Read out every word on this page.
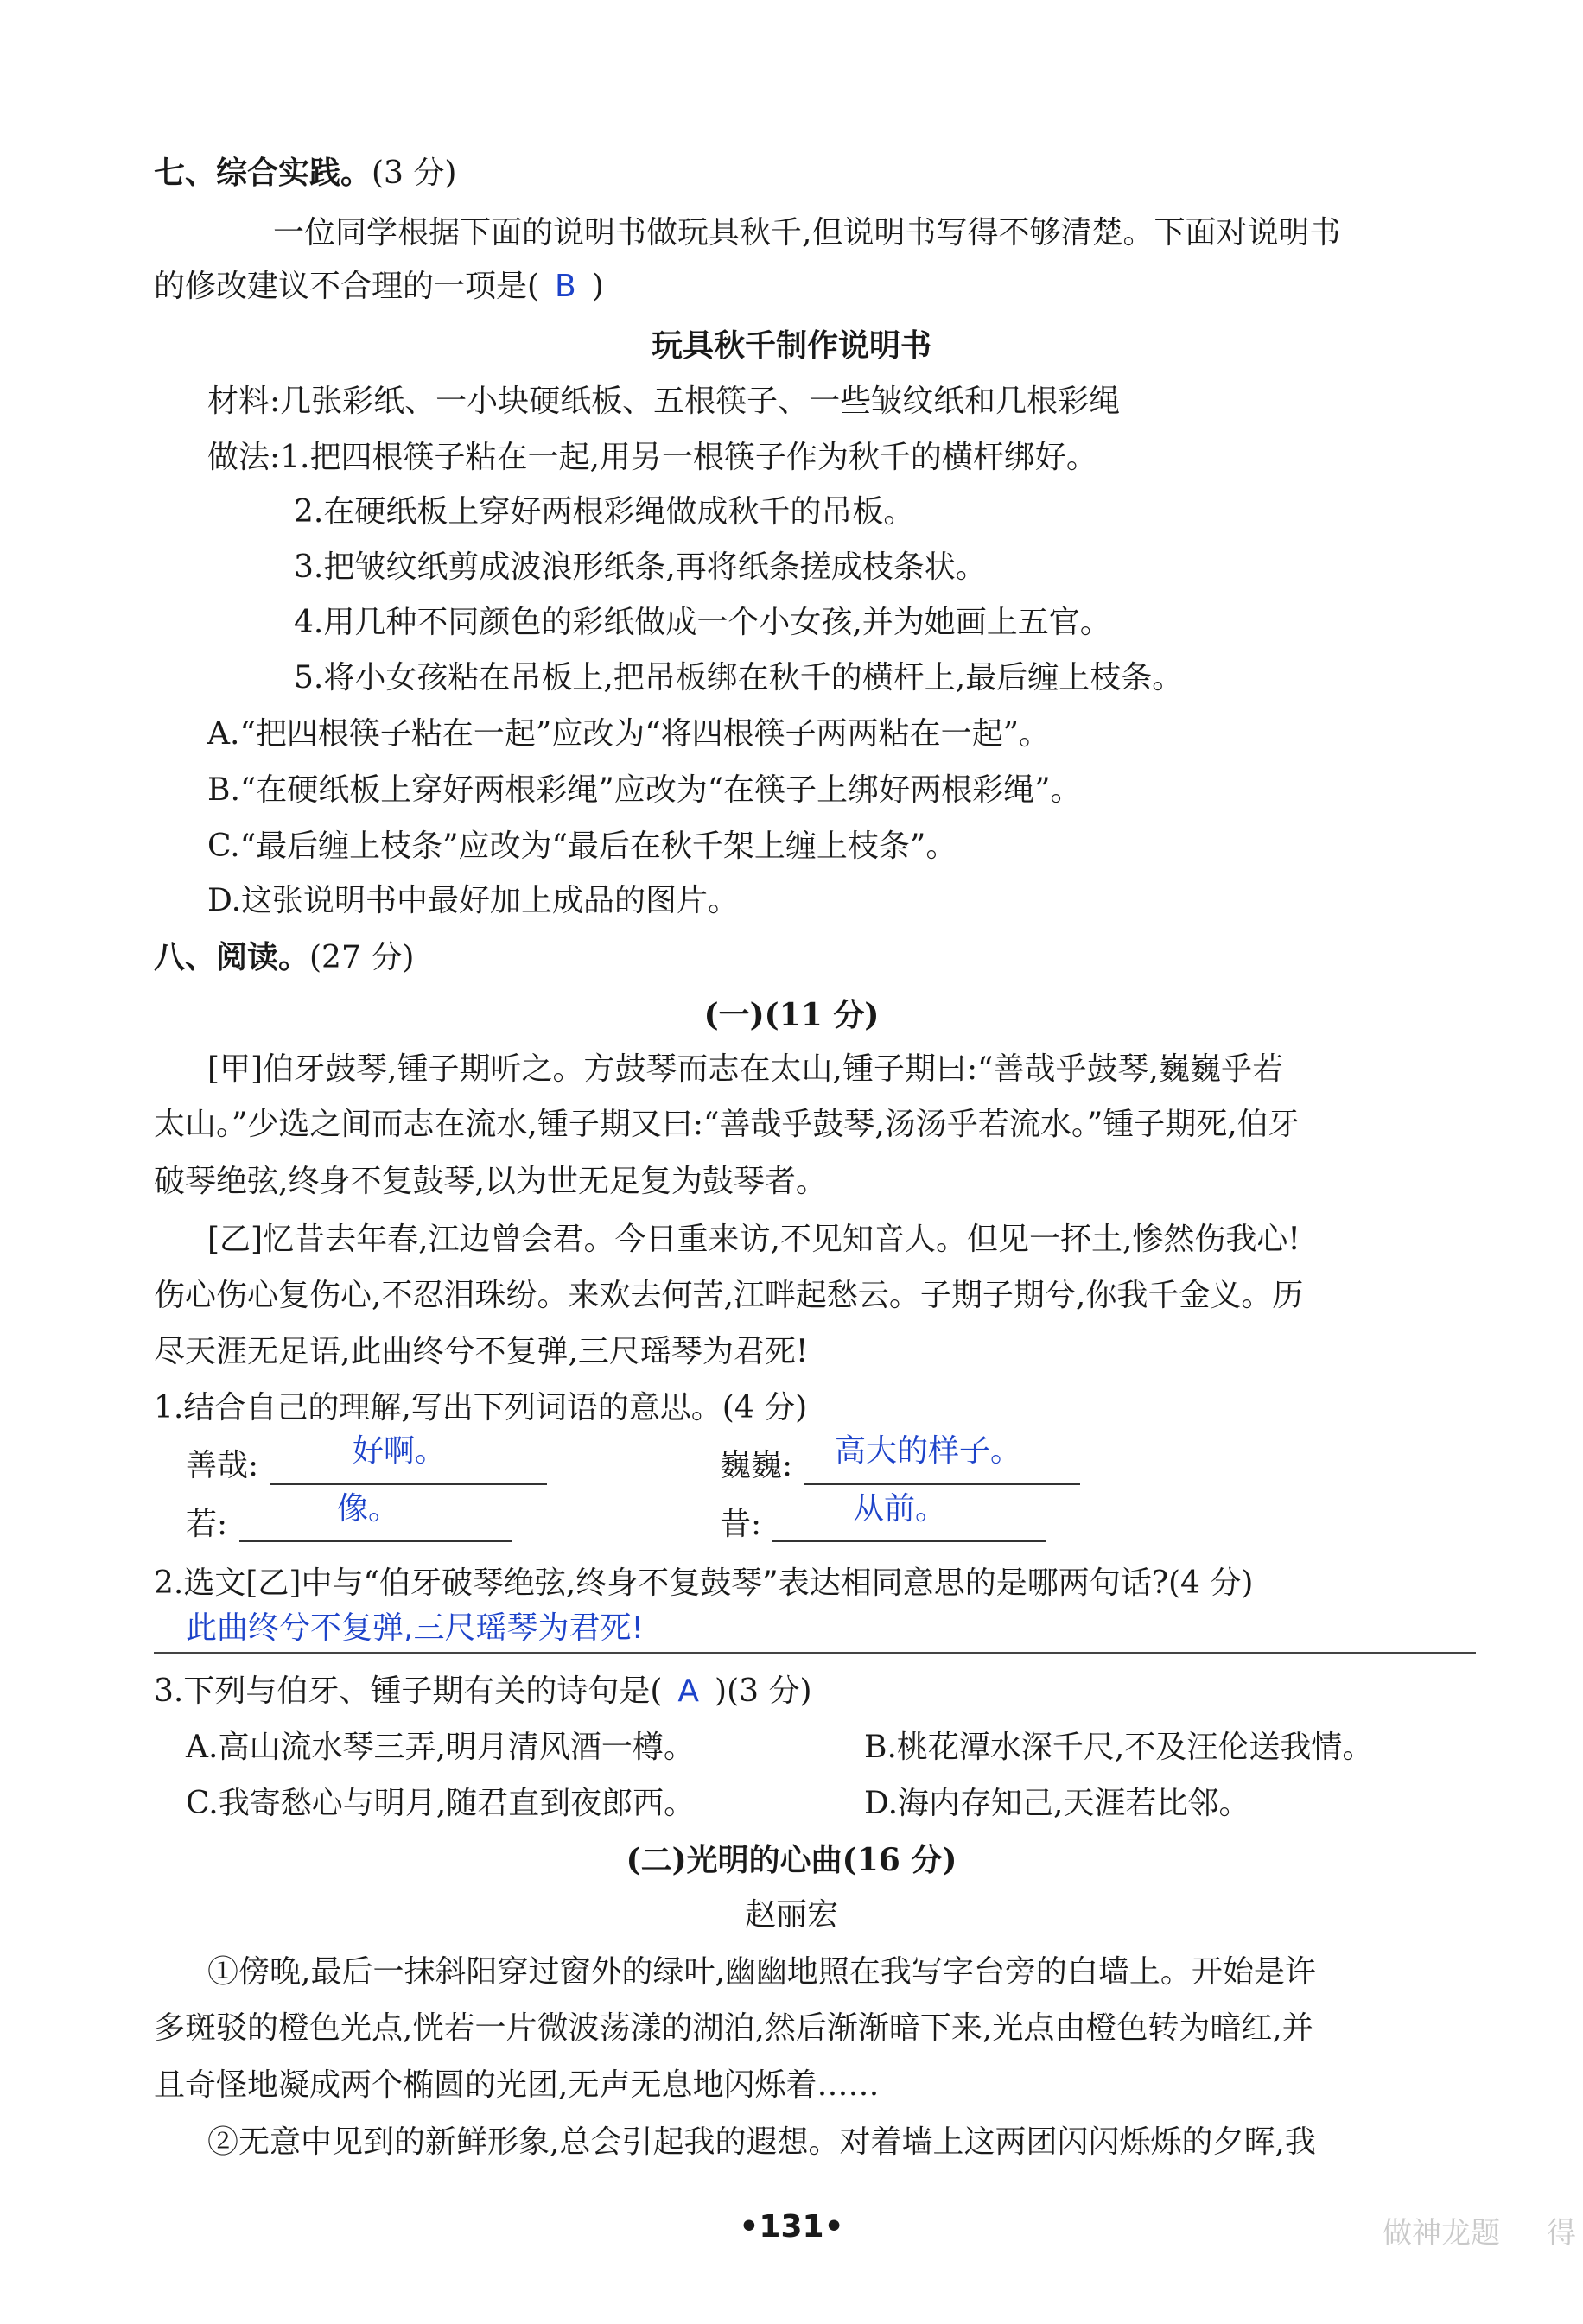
七、综合实践。(3 分)
一位同学根据下面的说明书做玩具秋千,但说明书写得不够清楚。下面对说明书
的修改建议不合理的一项是( B )
玩具秋千制作说明书
材料:几张彩纸、一小块硬纸板、五根筷子、一些皱纹纸和几根彩绳
做法:1.把四根筷子粘在一起,用另一根筷子作为秋千的横杆绑好。
2.在硬纸板上穿好两根彩绳做成秋千的吊板。
3.把皱纹纸剪成波浪形纸条,再将纸条搓成枝条状。
4.用几种不同颜色的彩纸做成一个小女孩,并为她画上五官。
5.将小女孩粘在吊板上,把吊板绑在秋千的横杆上,最后缠上枝条。
A.“把四根筷子粘在一起”应改为“将四根筷子两两粘在一起”。
B.“在硬纸板上穿好两根彩绳”应改为“在筷子上绑好两根彩绳”。
C.“最后缠上枝条”应改为“最后在秋千架上缠上枝条”。
D.这张说明书中最好加上成品的图片。
八、阅读。(27 分)
(一)(11 分)
[甲]伯牙鼓琴,锺子期听之。方鼓琴而志在太山,锺子期曰:“善哉乎鼓琴,巍巍乎若
太山。”少选之间而志在流水,锺子期又曰:“善哉乎鼓琴,汤汤乎若流水。”锺子期死,伯牙
破琴绝弦,终身不复鼓琴,以为世无足复为鼓琴者。
[乙]忆昔去年春,江边曾会君。今日重来访,不见知音人。但见一抔土,惨然伤我心!
伤心伤心复伤心,不忍泪珠纷。来欢去何苦,江畔起愁云。子期子期兮,你我千金义。历
尽天涯无足语,此曲终兮不复弹,三尺瑶琴为君死!
1.结合自己的理解,写出下列词语的意思。(4 分)
善哉:	好啊。	巍巍: 高大的样子。
若:	像。	昔:	从前。
2.选文[乙]中与“伯牙破琴绝弦,终身不复鼓琴”表达相同意思的是哪两句话?(4 分)
此曲终兮不复弹,三尺瑶琴为君死!
3.下列与伯牙、锺子期有关的诗句是( A )(3 分)
A.高山流水琴三弄,明月清风酒一樽。	B.桃花潭水深千尺,不及汪伦送我情。
C.我寄愁心与明月,随君直到夜郎西。	D.海内存知己,天涯若比邻。
(二)光明的心曲(16 分)
赵丽宏
①傍晚,最后一抹斜阳穿过窗外的绿叶,幽幽地照在我写字台旁的白墙上。开始是许
多斑驳的橙色光点,恍若一片微波荡漾的湖泊,然后渐渐暗下来,光点由橙色转为暗红,并
且奇怪地凝成两个椭圆的光团,无声无息地闪烁着……
②无意中见到的新鲜形象,总会引起我的遐想。对着墙上这两团闪闪烁烁的夕晖,我
•131•	做神龙题 得
